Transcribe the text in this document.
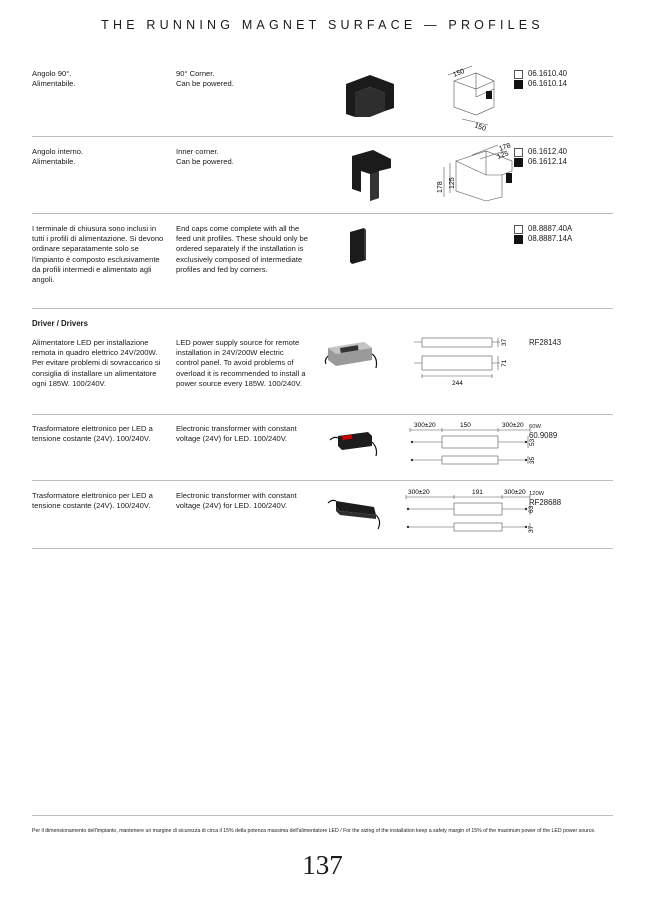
THE RUNNING MAGNET SURFACE — PROFILES
Angolo 90°.
Alimentabile.
90° Corner.
Can be powered.
150
150
06.1610.40
06.1610.14
Angolo interno.
Alimentabile.
Inner corner.
Can be powered.
178
125
178 125
06.1612.40
06.1612.14
I terminale di chiusura sono inclusi in tutti i profili di alimentazione. Si devono ordinare separatamente solo se l'impianto è composto esclusivamente da profili intermedi e alimentato agli angoli.
End caps come complete with all the feed unit profiles. These should only be ordered separately if the installation is exclusively composed of intermediate profiles and fed by corners.
08.8887.40A
08.8887.14A
Driver / Drivers
Alimentatore LED per installazione remota in quadro elettrico 24V/200W. Per evitare problemi di sovraccarico si consiglia di installare un alimentatore ogni 185W. 100/240V.
LED power supply source for remote installation in 24V/200W electric control panel. To avoid problems of overload it is recommended to install a power source every 185W. 100/240V.
37
71
244
RF28143
Trasformatore elettronico per LED a tensione costante (24V). 100/240V.
Electronic transformer with constant voltage (24V) for LED. 100/240V.
300±20	150	300±20
53
35
60W
60.9089
Trasformatore elettronico per LED a tensione costante (24V). 100/240V.
Electronic transformer with constant voltage (24V) for LED. 100/240V.
300±20	191	300±20
63
37
120W
RF28688
Per il dimensionamento dell'impianto, mantenere un margine di sicurezza di circa il 15% della potenza massima dell'alimentatore LED / For the sizing of the installation keep a safety margin of 15% of the maximum power of the LED power source.
137
